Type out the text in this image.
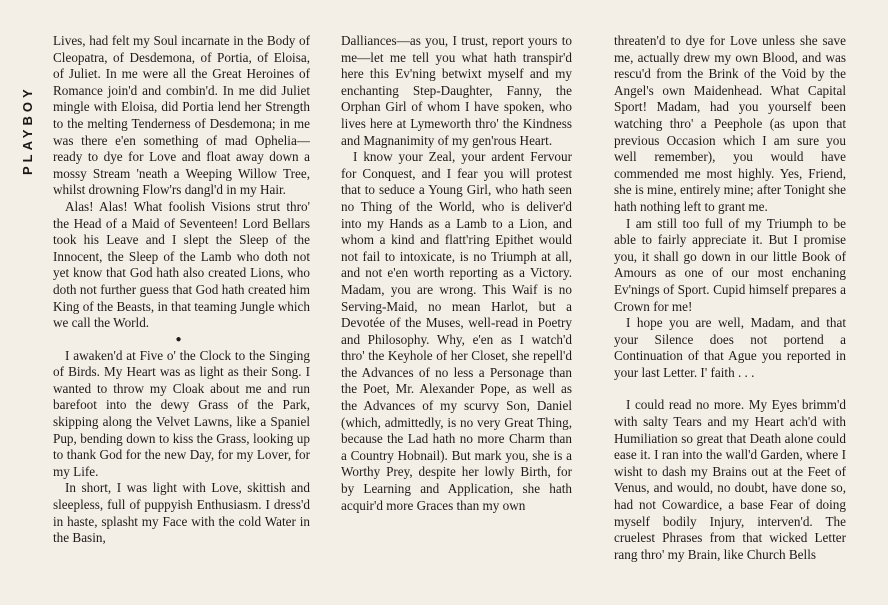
PLAYBOY

Lives, had felt my Soul incarnate in the Body of Cleopatra, of Desdemona, of Portia, of Eloisa, of Juliet. In me were all the Great Heroines of Romance join'd and combin'd. In me did Juliet mingle with Eloisa, did Portia lend her Strength to the melting Tenderness of Desdemona; in me was there e'en something of mad Ophelia—ready to dye for Love and float away down a mossy Stream 'neath a Weeping Willow Tree, whilst drowning Flow'rs dangl'd in my Hair.

Alas! Alas! What foolish Visions strut thro' the Head of a Maid of Seventeen! Lord Bellars took his Leave and I slept the Sleep of the Innocent, the Sleep of the Lamb who doth not yet know that God hath also created Lions, who doth not further guess that God hath created him King of the Beasts, in that teaming Jungle which we call the World.

●

I awaken'd at Five o' the Clock to the Singing of Birds. My Heart was as light as their Song. I wanted to throw my Cloak about me and run barefoot into the dewy Grass of the Park, skipping along the Velvet Lawns, like a Spaniel Pup, bending down to kiss the Grass, looking up to thank God for the new Day, for my Lover, for my Life.

In short, I was light with Love, skittish and sleepless, full of puppyish Enthusiasm. I dress'd in haste, splasht my Face with the cold Water in the Basin,

Dalliances—as you, I trust, report yours to me—let me tell you what hath transpir'd here this Ev'ning betwixt myself and my enchanting Step-Daughter, Fanny, the Orphan Girl of whom I have spoken, who lives here at Lymeworth thro' the Kindness and Magnanimity of my gen'rous Heart.

I know your Zeal, your ardent Fervour for Conquest, and I fear you will protest that to seduce a Young Girl, who hath seen no Thing of the World, who is deliver'd into my Hands as a Lamb to a Lion, and whom a kind and flatt'ring Epithet would not fail to intoxicate, is no Triumph at all, and not e'en worth reporting as a Victory. Madam, you are wrong. This Waif is no Serving-Maid, no mean Harlot, but a Devotée of the Muses, well-read in Poetry and Philosophy. Why, e'en as I watch'd thro' the Keyhole of her Closet, she repell'd the Advances of no less a Personage than the Poet, Mr. Alexander Pope, as well as the Advances of my scurvy Son, Daniel (which, admittedly, is no very Great Thing, because the Lad hath no more Charm than a Country Hobnail). But mark you, she is a Worthy Prey, despite her lowly Birth, for by Learning and Application, she hath acquir'd more Graces than my own

threaten'd to dye for Love unless she save me, actually drew my own Blood, and was rescu'd from the Brink of the Void by the Angel's own Maidenhead. What Capital Sport! Madam, had you yourself been watching thro' a Peephole (as upon that previous Occasion which I am sure you well remember), you would have commended me most highly. Yes, Friend, she is mine, entirely mine; after Tonight she hath nothing left to grant me.

I am still too full of my Triumph to be able to fairly appreciate it. But I promise you, it shall go down in our little Book of Amours as one of our most enchaning Ev'nings of Sport. Cupid himself prepares a Crown for me!

I hope you are well, Madam, and that your Silence does not portend a Continuation of that Ague you reported in your last Letter. I' faith . . .

I could read no more. My Eyes brimm'd with salty Tears and my Heart ach'd with Humiliation so great that Death alone could ease it. I ran into the wall'd Garden, where I wisht to dash my Brains out at the Feet of Venus, and would, no doubt, have done so, had not Cowardice, a base Fear of doing myself bodily Injury, interven'd. The cruelest Phrases from that wicked Letter rang thro' my Brain, like Church Bells
